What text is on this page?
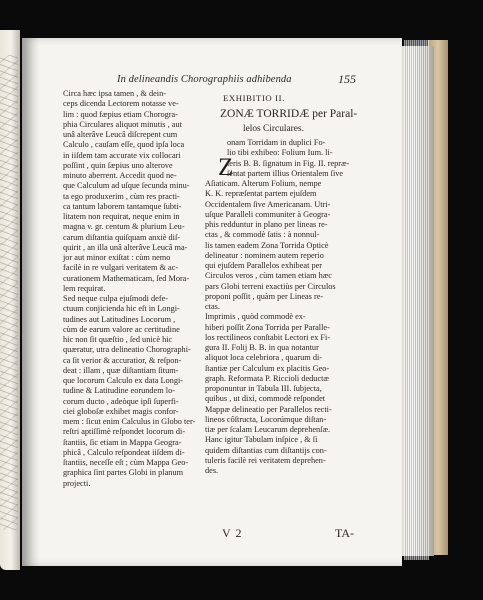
In delineandis Chorographiis adhibenda	155
EXHIBITIO II.
ZONÆ TORRIDÆ per Paral-
lelos Circulares.
Z
Circa hæc ipsa tamen , & dein-
ceps dicenda Lectorem notasse ve-
lim : quod fæpius etiam Chorogra-
phia Circulares aliquot minutis , aut
unâ alterâve Leucâ diſcrepent cum
Calculo , cauſam eſſe, quod ipſa loca
in iiſdem tam accurate vix collocari
poſſint , quin ſæpius uno alterove
minuto aberrent. Accedit quod ne-
que Calculum ad uſque ſecunda minu-
ta ego produxerim , cùm res practi-
ca tantum laborem tantamque ſubti-
litatem non requirat, neque enim in
magna v. gr. centum & plurium Leu-
carum diſtantia quiſquam anxiè diſ-
quirit , an illa unâ alterâve Leucâ ma-
jor aut minor exiſtat : cùm nemo
facilè in re vulgari veritatem & ac-
curationem Mathematicam, ſed Mora-
lem requirat.
Sed neque culpa ejuſmodi defe-
ctuum conjicienda hic eſt in Longi-
tudines aut Latitudines Locorum ,
cùm de earum valore ac certitudine
hic non ſit quæſtio , ſed unicè hic
quæratur, utra delineatio Chorographi-
ca ſit verior & accuratior, & reſpon-
deat : illam , quæ diſtantiam ſitum-
que locorum Calculo ex data Longi-
tudine & Latitudine eorundem lo-
corum ducto , adeòque ipſi ſuperfi-
ciei globoſæ exhibet magis confor-
mem : ſicut enim Calculus in Globo ter-
reſtri aptiſſimè reſpondet locorum di-
ſtantiis, ſic etiam in Mappa Geogra-
phicâ , Calculo reſpondeat iiſdem di-
ſtantiis, neceſſe eſt ; cùm Mappa Geo-
graphica ſint partes Globi in planum
projecti.
onam Torridam in duplici Fo-
lio tibi exhibeo: Folium Ium. li-
teris B. B. ſignatum in Fig. II. repræ-
ſentat partem illius Orientalem ſive
Aſiaticam. Alterum Folium, nempe
K. K. repræſentat partem ejuſdem
Occidentalem ſive Americanam. Utri-
uſque Paralleli communiter à Geogra-
phis redduntur in plano per lineas re-
ctas , & commodè ſatis : à nonnul-
lis tamen eadem Zona Torrida Opticè
delineatur : nominem autem reperio
qui ejuſdem Parallelos exhibeat per
Circulos veros , cùm tamen etiam hæc
pars Globi terreni exactiùs per Circulos
proponi poſſit , quàm per Lineas re-
ctas.
Imprimis , quòd commodè ex-
hiberi poſſit Zona Torrida per Paralle-
los rectilineos conſtabit Lectori ex Fi-
gura II. Folij B. B. in qua notantur
aliquot loca celebriora , quarum di-
ſtantiæ per Calculum ex placitis Geo-
graph. Reformata P. Riccioli deductæ
proponuntur in Tabula III. ſubjecta,
quibus , ut dixi, commodè reſpondet
Mappæ delineatio per Parallelos recti-
lineos côſtructa, Locorúmque diſtan-
tiæ per ſcalam Leucarum deprehenſæ.
Hanc igitur Tabulam inſpice , & ſi
quidem diſtantias cum diſtantijs con-
tuleris facilè rei veritatem deprehen-
des.
V 2	TA-
